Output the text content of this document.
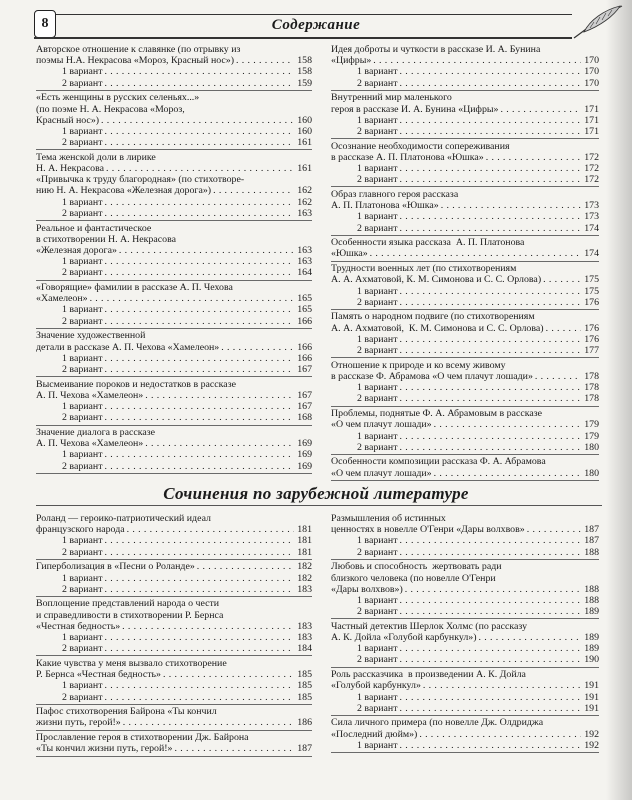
8	Содержание
Авторское отношение к славянке (по отрывку из
поэмы Н.А. Некрасова «Мороз, Красный нос») . . .	158
1 вариант . . .	158
2 вариант . . .	159
«Есть женщины в русских селеньях...»
(по поэме Н. А. Некрасова «Мороз,
Красный нос») . . .	160
1 вариант . . .	160
2 вариант . . .	161
Тема женской доли в лирике
Н. А. Некрасова . . .	161
«Привычка к труду благородная» (по стихотворе-
нию Н. А. Некрасова «Железная дорога») . . .	162
1 вариант . . .	162
2 вариант . . .	163
Реальное и фантастическое
в стихотворении Н. А. Некрасова
«Железная дорога» . . .	163
1 вариант . . .	163
2 вариант . . .	164
«Говорящие» фамилии в рассказе А. П. Чехова
«Хамелеон» . . .	165
1 вариант . . .	165
2 вариант . . .	166
Значение художественной
детали в рассказе А. П. Чехова «Хамелеон» . . .	166
1 вариант . . .	166
2 вариант . . .	167
Высмеивание пороков и недостатков в рассказе
А. П. Чехова «Хамелеон» . . .	167
1 вариант . . .	167
2 вариант . . .	168
Значение диалога в рассказе
А. П. Чехова «Хамелеон» . . .	169
1 вариант . . .	169
2 вариант . . .	169
Идея доброты и чуткости в рассказе И. А. Бунина
«Цифры» . . .	170
1 вариант . . .	170
2 вариант . . .	170
Внутренний мир маленького
героя в рассказе И. А. Бунина «Цифры» . . .	171
1 вариант . . .	171
2 вариант . . .	171
Осознание необходимости сопереживания
в рассказе А. П. Платонова «Юшка» . . .	172
1 вариант . . .	172
2 вариант . . .	172
Образ главного героя рассказа
А. П. Платонова «Юшка» . . .	173
1 вариант . . .	173
2 вариант . . .	174
Особенности языка рассказа  А. П. Платонова
«Юшка» . . .	174
Трудности военных лет (по стихотворениям
А. А. Ахматовой, К. М. Симонова и С. С. Орлова) . . .	175
1 вариант . . .	175
2 вариант . . .	176
Память о народном подвиге (по стихотворениям
А. А. Ахматовой,  К. М. Симонова и С. С. Орлова) . . .	176
1 вариант . . .	176
2 вариант . . .	177
Отношение к природе и ко всему живому
в рассказе Ф. Абрамова «О чем плачут лошади» . . .	178
1 вариант . . .	178
2 вариант . . .	178
Проблемы, поднятые Ф. А. Абрамовым в рассказе
«О чем плачут лошади» . . .	179
1 вариант . . .	179
2 вариант . . .	180
Особенности композиции рассказа Ф. А. Абрамова
«О чем плачут лошади» . . .	180
Сочинения по зарубежной литературе
Роланд — героико-патриотический идеал
французского народа . . .	181
1 вариант . . .	181
2 вариант . . .	181
Гиперболизация в «Песни о Роланде» . . .	182
1 вариант . . .	182
2 вариант . . .	183
Воплощение представлений народа о чести
и справедливости в стихотворении Р. Бернса
«Честная бедность» . . .	183
1 вариант . . .	183
2 вариант . . .	184
Какие чувства у меня вызвало стихотворение
Р. Бернса «Честная бедность» . . .	185
1 вариант . . .	185
2 вариант . . .	185
Пафос стихотворения Байрона «Ты кончил
жизни путь, герой!» . . .	186
Прославление героя в стихотворении Дж. Байрона
«Ты кончил жизни путь, герой!» . . .	187
Размышления об истинных
ценностях в новелле О'Генри «Дары волхвов» . . .	187
1 вариант . . .	187
2 вариант . . .	188
Любовь и способность  жертвовать ради
близкого человека (по новелле О'Генри
«Дары волхвов») . . .	188
1 вариант . . .	188
2 вариант . . .	189
Частный детектив Шерлок Холмс (по рассказу
А. К. Дойла «Голубой карбункул») . . .	189
1 вариант . . .	189
2 вариант . . .	190
Роль рассказчика  в произведении А. К. Дойла
«Голубой карбункул» . . .	191
1 вариант . . .	191
2 вариант . . .	191
Сила личного примера (по новелле Дж. Олдриджа
«Последний дюйм») . . .	192
1 вариант . . .	192
